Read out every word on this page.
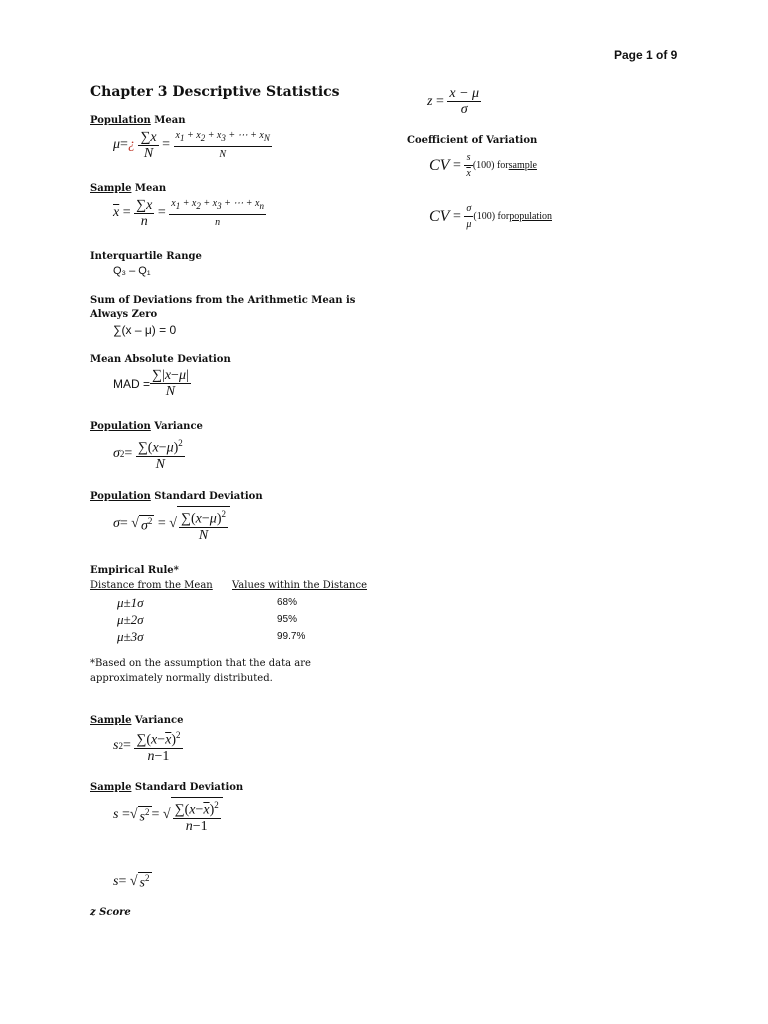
Page 1 of 9
Chapter 3 Descriptive Statistics
Population Mean
μ = ¿
$\frac{\sum x}{N} = \frac{x1 + x2 + x3 + \cdots + xN}{N}$
Sample Mean
$\overline{x} = \frac{\sum x}{n} = \frac{x1 + x2 + x3 + \cdots + xn}{n}$
Interquartile Range
Q₃ – Q₁
Sum of Deviations from the Arithmetic Mean is
Always Zero
∑(x – μ) = 0
Mean Absolute Deviation
MAD = $\frac{\sum|x-\mu|}{N}$
Population Variance
σ $2 = \frac{\sum(x-\mu)^2}{N}$
Population Standard Deviation
σ = √ $\sigma^2$ = √ $\frac{\sum(x-\mu)^2}{N}$
Empirical Rule*
Distance from the Mean Values within the Distance
μ±1σ	68%
μ±2σ	95%
μ±3σ	99.7%
*Based on the assumption that the data are
approximately normally distributed.
Sample Variance
s $2 = \frac{\sum(x-\overline{x})^2}{n-1}$
Sample Standard Deviation
s =√ $s^2$ = √ $\frac{\sum(x-\overline{x})^2}{n-1}$
s = √ $s^2$
z Score
$z = \frac{x - \mu}{\sigma}$
Coefficient of Variation
CV = $\frac{s}{x} (100)$ for sample
CV = $\frac{\sigma}{\mu} (100)$ for population
